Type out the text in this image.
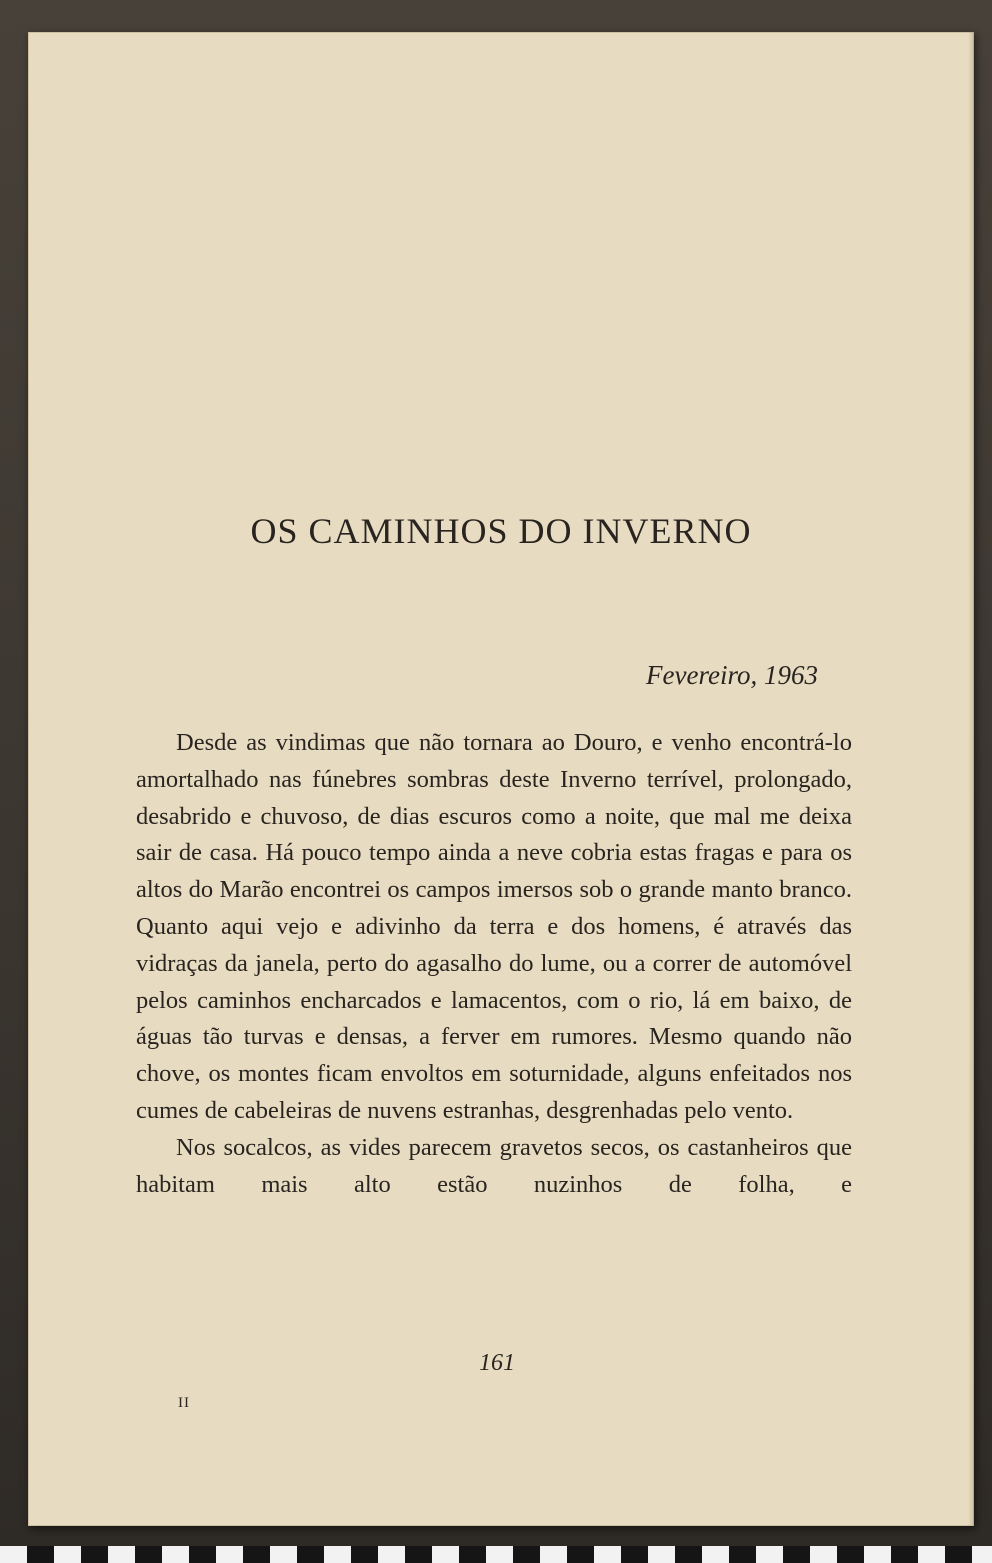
OS CAMINHOS DO INVERNO
Fevereiro, 1963

Desde as vindimas que não tornara ao Douro, e venho encontrá-lo amortalhado nas fúnebres sombras deste Inverno terrível, prolongado, desabrido e chuvoso, de dias escuros como a noite, que mal me deixa sair de casa. Há pouco tempo ainda a neve cobria estas fragas e para os altos do Marão encontrei os campos imersos sob o grande manto branco. Quanto aqui vejo e adivinho da terra e dos homens, é através das vidraças da janela, perto do agasalho do lume, ou a correr de automóvel pelos caminhos encharcados e lamacentos, com o rio, lá em baixo, de águas tão turvas e densas, a ferver em rumores. Mesmo quando não chove, os montes ficam envoltos em soturnidade, alguns enfeitados nos cumes de cabeleiras de nuvens estranhas, desgrenhadas pelo vento.

Nos socalcos, as vides parecem gravetos secos, os castanheiros que habitam mais alto estão nuzinhos de folha, e

161
II
